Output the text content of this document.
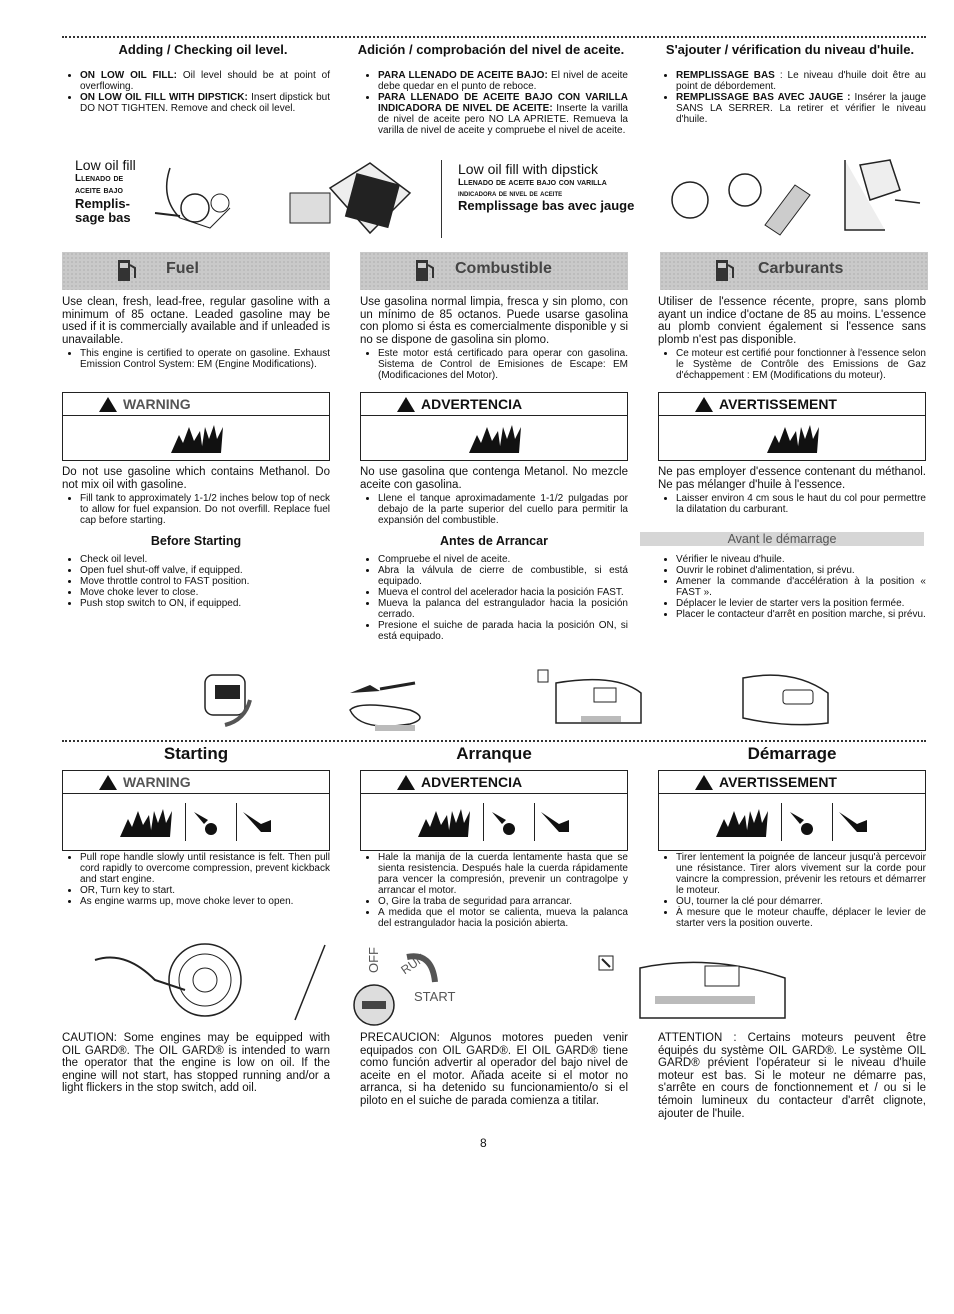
Adding / Checking oil level.	Adición / comprobación del nivel de aceite.	S'ajouter / vérification du niveau d'huile.
• ON LOW OIL FILL: Oil level should be at point of overflowing.
• ON LOW OIL FILL WITH DIPSTICK: Insert dipstick but DO NOT TIGHTEN. Remove and check oil level.
• PARA LLENADO DE ACEITE BAJO: El nivel de aceite debe quedar en el punto de reboce.
• PARA LLENADO DE ACEITE BAJO CON VARILLA INDICADORA DE NIVEL DE ACEITE: Inserte la varilla de nivel de aceite pero NO LA APRIETE. Remueva la varilla de nivel de aceite y compruebe el nivel de aceite.
• REMPLISSAGE BAS : Le niveau d'huile doit être au point de débordement.
• REMPLISSAGE BAS AVEC JAUGE : Insérer la jauge SANS LA SERRER. La retirer et vérifier le niveau d'huile.
Low oil fill
Llenado de
aceite bajo
Remplis-
sage bas
Low oil fill with dipstick
Llenado de aceite bajo con varilla
indicadora de nivel de aceite
Remplissage bas avec jauge
Fuel	Combustible	Carburants
Use clean, fresh, lead-free, regular gasoline with a minimum of 85 octane. Leaded gasoline may be used if it is commercially available and if unleaded is unavailable.
• This engine is certified to operate on gasoline. Exhaust Emission Control System: EM (Engine Modifications).
Use gasolina normal limpia, fresca y sin plomo, con un mínimo de 85 octanos. Puede usarse gasolina con plomo si ésta es comercialmente disponible y si no se dispone de gasolina sin plomo.
• Este motor está certificado para operar con gasolina. Sistema de Control de Emisiones de Escape: EM (Modificaciones del Motor).
Utiliser de l'essence récente, propre, sans plomb ayant un indice d'octane de 85 au moins. L'essence au plomb convient également si l'essence sans plomb n'est pas disponible.
• Ce moteur est certifié pour fonctionner à l'essence selon le Système de Contrôle des Emissions de Gaz d'échappement : EM (Modifications du moteur).
WARNING	ADVERTENCIA	AVERTISSEMENT
Do not use gasoline which contains Methanol. Do not mix oil with gasoline.
• Fill tank to approximately 1-1/2 inches below top of neck to allow for fuel expansion. Do not overfill. Replace fuel cap before starting.
No use gasolina que contenga Metanol. No mezcle aceite con gasolina.
• Llene el tanque aproximadamente 1-1/2 pulgadas por debajo de la parte superior del cuello para permitir la expansión del combustible.
Ne pas employer d'essence contenant du méthanol. Ne pas mélanger d'huile à l'essence.
• Laisser environ 4 cm sous le haut du col pour permettre la dilatation du carburant.
Before Starting	Antes de Arrancar	Avant le démarrage
• Check oil level.
• Open fuel shut-off valve, if equipped.
• Move throttle control to FAST position.
• Move choke lever to close.
• Push stop switch to ON, if equipped.
• Compruebe el nivel de aceite.
• Abra la válvula de cierre de combustible, si está equipado.
• Mueva el control del acelerador hacia la posición FAST.
• Mueva la palanca del estrangulador hacia la posición cerrado.
• Presione el suiche de parada hacia la posición ON, si está equipado.
• Vérifier le niveau d'huile.
• Ouvrir le robinet d'alimentation, si prévu.
• Amener la commande d'accélération à la position « FAST ».
• Déplacer le levier de starter vers la position fermée.
• Placer le contacteur d'arrêt en position marche, si prévu.
Starting	Arranque	Démarrage
WARNING	ADVERTENCIA	AVERTISSEMENT
• Pull rope handle slowly until resistance is felt. Then pull cord rapidly to overcome compression, prevent kickback and start engine.
• OR, Turn key to start.
• As engine warms up, move choke lever to open.
• Hale la manija de la cuerda lentamente hasta que se sienta resistencia. Después hale la cuerda rápidamente para vencer la compresión, prevenir un contragolpe y arrancar el motor.
• O, Gire la traba de seguridad para arrancar.
• A medida que el motor se calienta, mueva la palanca del estrangulador hacia la posición abierta.
• Tirer lentement la poignée de lanceur jusqu'à percevoir une résistance. Tirer alors vivement sur la corde pour vaincre la compression, prévenir les retours et démarrer le moteur.
• OU, tourner la clé pour démarrer.
• À mesure que le moteur chauffe, déplacer le levier de starter vers la position ouverte.
OFF RUN
START
CAUTION: Some engines may be equipped with OIL GARD®. The OIL GARD® is intended to warn the operator that the engine is low on oil. If the engine will not start, has stopped running and/or a light flickers in the stop switch, add oil.
PRECAUCION: Algunos motores pueden venir equipados con OIL GARD®. El OIL GARD® tiene como función advertir al operador del bajo nivel de aceite en el motor. Añada aceite si el motor no arranca, si ha detenido su funcionamiento/o si el piloto en el suiche de parada comienza a titilar.
ATTENTION : Certains moteurs peuvent être équipés du système OIL GARD®. Le système OIL GARD® prévient l'opérateur si le niveau d'huile moteur est bas. Si le moteur ne démarre pas, s'arrête en cours de fonctionnement et / ou si le témoin lumineux du contacteur d'arrêt clignote, ajouter de l'huile.
8
